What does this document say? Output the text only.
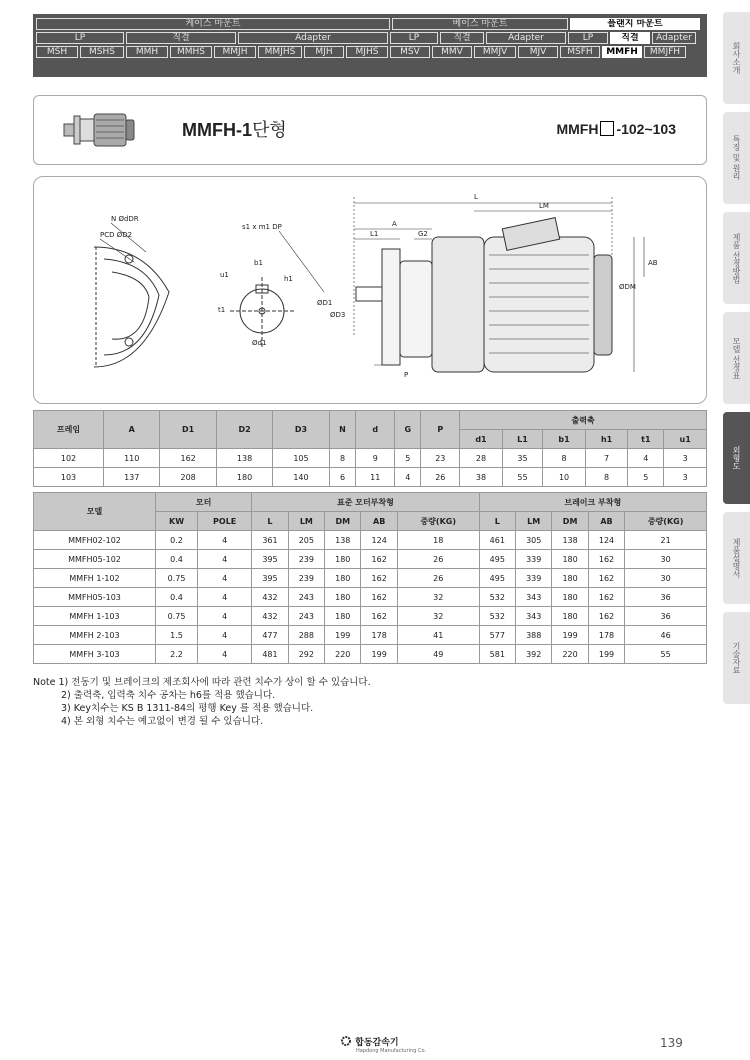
케이스 마운트	베이스 마운트	플랜지 마운트
LP	직결	Adapter	LP	직결	Adapter	LP	직결	Adapter
MSH	MSHS	MMH	MMHS	MMJH	MMJHS	MJH	MJHS	MSV	MMV	MMJV	MJV	MSFH	MMFH	MMJFH
MMFH-1단형	MMFH -102~103
N ØdDR
PCD ØD2
b1
u1	h1
t1
Ød1
s1 x m1 DP
L
LM
A
L1	G2
AB
ØD1
ØD3
ØDM
P
프레임	A	D1	D2	D3	N	d	G	P	출력축					
									d1	L1	b1	h1	t1	u1
102	110	162	138	105	8	9	5	23	28	35	8	7	4	3
103	137	208	180	140	6	11	4	26	38	55	10	8	5	3
모델	모터		표준 모터부착형					브레이크 부착형				
	KW	POLE	L	LM	DM	AB	중량(KG)	L	LM	DM	AB	중량(KG)
MMFH02-102	0.2	4	361	205	138	124	18	461	305	138	124	21
MMFH05-102	0.4	4	395	239	180	162	26	495	339	180	162	30
MMFH 1-102	0.75	4	395	239	180	162	26	495	339	180	162	30
MMFH05-103	0.4	4	432	243	180	162	32	532	343	180	162	36
MMFH 1-103	0.75	4	432	243	180	162	32	532	343	180	162	36
MMFH 2-103	1.5	4	477	288	199	178	41	577	388	199	178	46
MMFH 3-103	2.2	4	481	292	220	199	49	581	392	220	199	55
Note 1) 전동기 및 브레이크의 제조회사에 따라 관련 치수가 상이 할 수 있습니다.
2) 출력축, 입력축 치수 공차는 h6를 적용 했습니다.
3) Key치수는 KS B 1311-84의 평행 Key 를 적용 했습니다.
4) 본 외형 치수는 예고없이 변경 될 수 있습니다.
회사소개
특징 및 원리
제품 선정방법
모델 선정표
외형도
제품설명서
기술자료
합동감속기
Hapdong Manufacturing Co.
139
